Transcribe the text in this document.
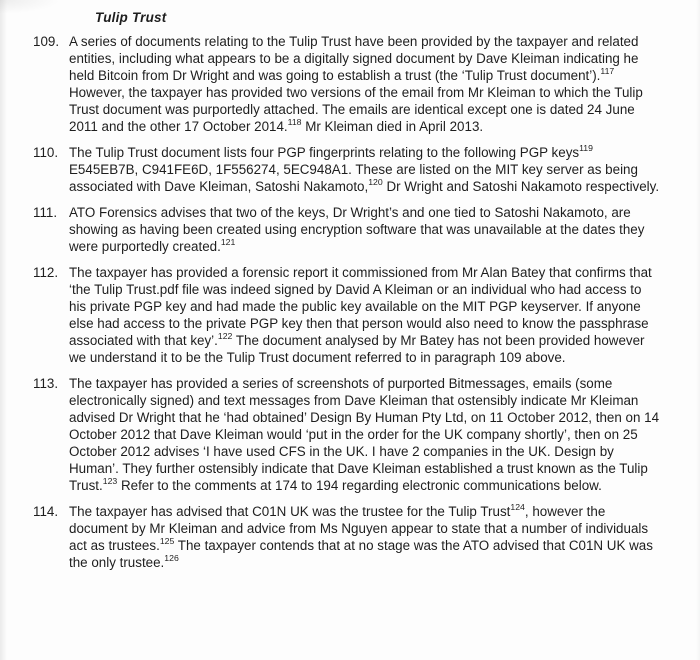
Tulip Trust
109. A series of documents relating to the Tulip Trust have been provided by the taxpayer and related entities, including what appears to be a digitally signed document by Dave Kleiman indicating he held Bitcoin from Dr Wright and was going to establish a trust (the ‘Tulip Trust document’).$^{117}$ However, the taxpayer has provided two versions of the email from Mr Kleiman to which the Tulip Trust document was purportedly attached. The emails are identical except one is dated 24 June 2011 and the other 17 October 2014.$^{118}$ Mr Kleiman died in April 2013.
110. The Tulip Trust document lists four PGP fingerprints relating to the following PGP keys$^{119}$ E545EB7B, C941FE6D, 1F556274, 5EC948A1. These are listed on the MIT key server as being associated with Dave Kleiman, Satoshi Nakamoto,$^{120}$ Dr Wright and Satoshi Nakamoto respectively.
111. ATO Forensics advises that two of the keys, Dr Wright’s and one tied to Satoshi Nakamoto, are showing as having been created using encryption software that was unavailable at the dates they were purportedly created.$^{121}$
112. The taxpayer has provided a forensic report it commissioned from Mr Alan Batey that confirms that ‘the Tulip Trust.pdf file was indeed signed by David A Kleiman or an individual who had access to his private PGP key and had made the public key available on the MIT PGP keyserver. If anyone else had access to the private PGP key then that person would also need to know the passphrase associated with that key’.$^{122}$ The document analysed by Mr Batey has not been provided however we understand it to be the Tulip Trust document referred to in paragraph 109 above.
113. The taxpayer has provided a series of screenshots of purported Bitmessages, emails (some electronically signed) and text messages from Dave Kleiman that ostensibly indicate Mr Kleiman advised Dr Wright that he ‘had obtained’ Design By Human Pty Ltd, on 11 October 2012, then on 14 October 2012 that Dave Kleiman would ‘put in the order for the UK company shortly’, then on 25 October 2012 advises ‘I have used CFS in the UK. I have 2 companies in the UK. Design by Human’. They further ostensibly indicate that Dave Kleiman established a trust known as the Tulip Trust.$^{123}$ Refer to the comments at 174 to 194 regarding electronic communications below.
114. The taxpayer has advised that C01N UK was the trustee for the Tulip Trust$^{124}$, however the document by Mr Kleiman and advice from Ms Nguyen appear to state that a number of individuals act as trustees.$^{125}$ The taxpayer contends that at no stage was the ATO advised that C01N UK was the only trustee.$^{126}$
